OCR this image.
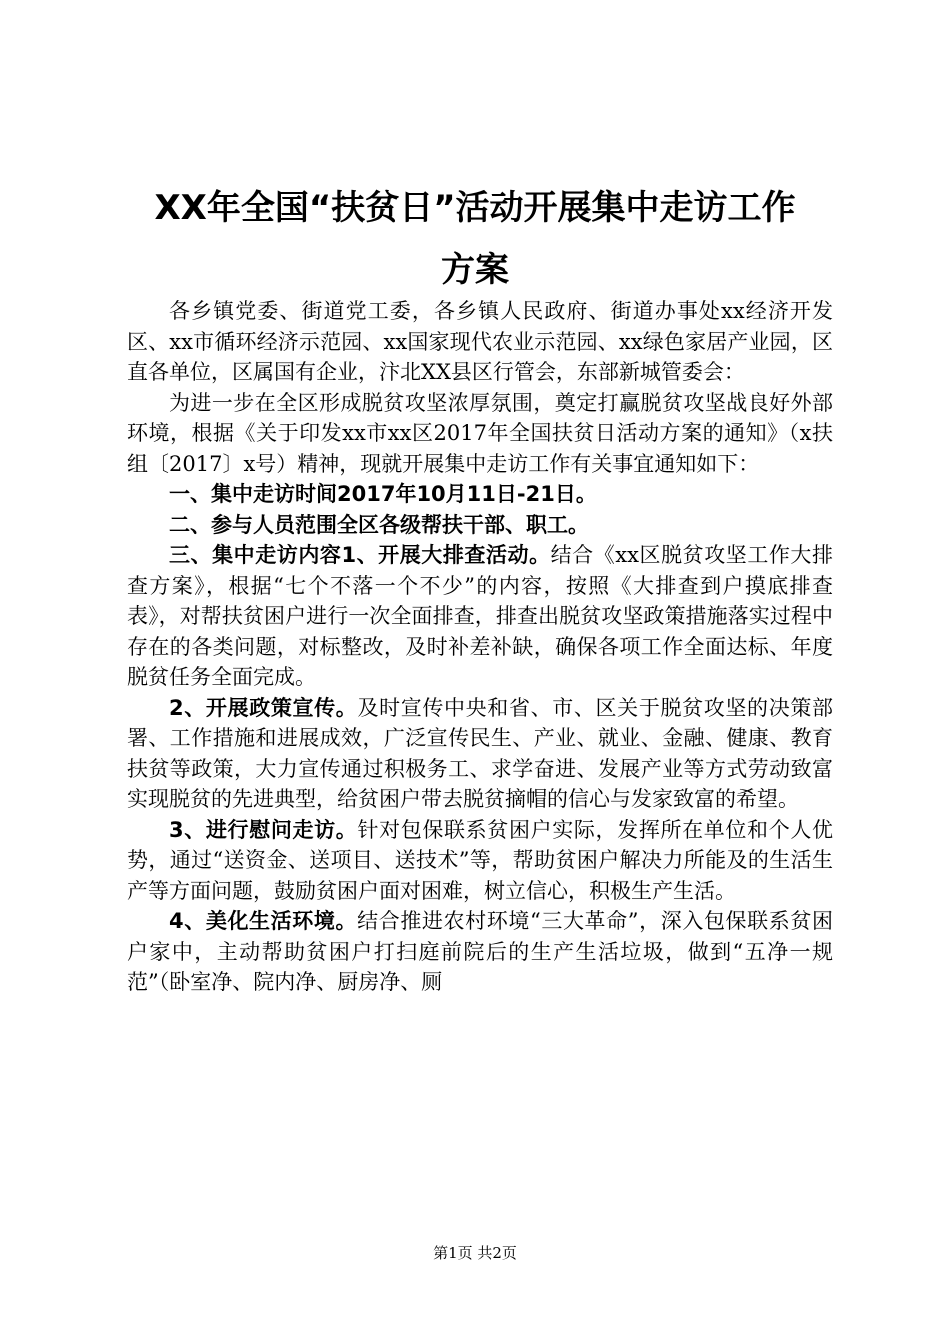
XX年全国“扶贫日”活动开展集中走访工作
方案

各乡镇党委、街道党工委，各乡镇人民政府、街道办事处xx经济开发区、xx市循环经济示范园、xx国家现代农业示范园、xx绿色家居产业园，区直各单位，区属国有企业，汴北XX县区行管会，东部新城管委会：

为进一步在全区形成脱贫攻坚浓厚氛围，奠定打赢脱贫攻坚战良好外部环境，根据《关于印发xx市xx区2017年全国扶贫日活动方案的通知》（x扶组〔2017〕x号）精神，现就开展集中走访工作有关事宜通知如下：

一、集中走访时间2017年10月11日-21日。

二、参与人员范围全区各级帮扶干部、职工。

三、集中走访内容1、开展大排查活动。结合《xx区脱贫攻坚工作大排查方案》，根据“七个不落一个不少”的内容，按照《大排查到户摸底排查表》，对帮扶贫困户进行一次全面排查，排查出脱贫攻坚政策措施落实过程中存在的各类问题，对标整改，及时补差补缺，确保各项工作全面达标、年度脱贫任务全面完成。

2、开展政策宣传。及时宣传中央和省、市、区关于脱贫攻坚的决策部署、工作措施和进展成效，广泛宣传民生、产业、就业、金融、健康、教育扶贫等政策，大力宣传通过积极务工、求学奋进、发展产业等方式劳动致富实现脱贫的先进典型，给贫困户带去脱贫摘帽的信心与发家致富的希望。

3、进行慰问走访。针对包保联系贫困户实际，发挥所在单位和个人优势，通过“送资金、送项目、送技术”等，帮助贫困户解决力所能及的生活生产等方面问题，鼓励贫困户面对困难，树立信心，积极生产生活。

4、美化生活环境。结合推进农村环境“三大革命”，深入包保联系贫困户家中，主动帮助贫困户打扫庭前院后的生产生活垃圾，做到“五净一规范”（卧室净、院内净、厨房净、厕

第1页 共2页
